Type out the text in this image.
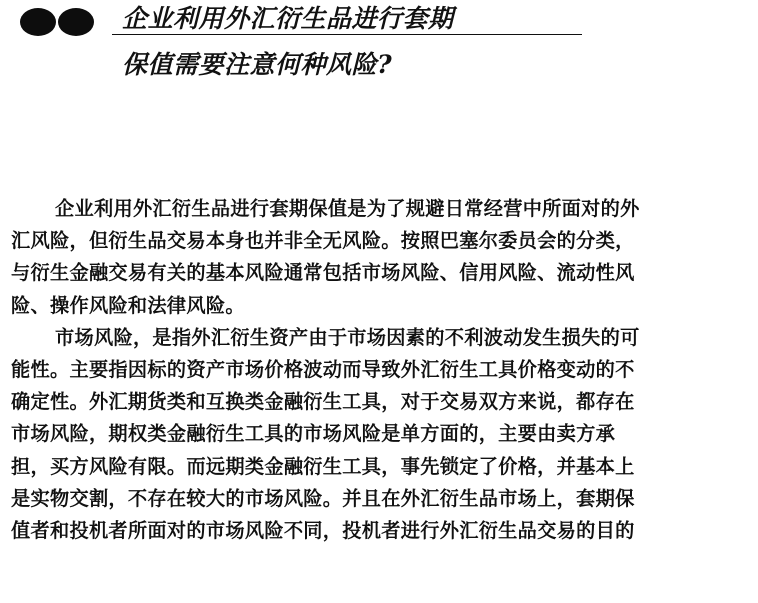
企业利用外汇衍生品进行套期
保值需要注意何种风险?
企业利用外汇衍生品进行套期保值是为了规避日常经营中所面对的外
汇风险，但衍生品交易本身也并非全无风险。按照巴塞尔委员会的分类，
与衍生金融交易有关的基本风险通常包括市场风险、信用风险、流动性风
险、操作风险和法律风险。
市场风险，是指外汇衍生资产由于市场因素的不利波动发生损失的可
能性。主要指因标的资产市场价格波动而导致外汇衍生工具价格变动的不
确定性。外汇期货类和互换类金融衍生工具，对于交易双方来说，都存在
市场风险，期权类金融衍生工具的市场风险是单方面的，主要由卖方承
担，买方风险有限。而远期类金融衍生工具，事先锁定了价格，并基本上
是实物交割，不存在较大的市场风险。并且在外汇衍生品市场上，套期保
值者和投机者所面对的市场风险不同，投机者进行外汇衍生品交易的目的
